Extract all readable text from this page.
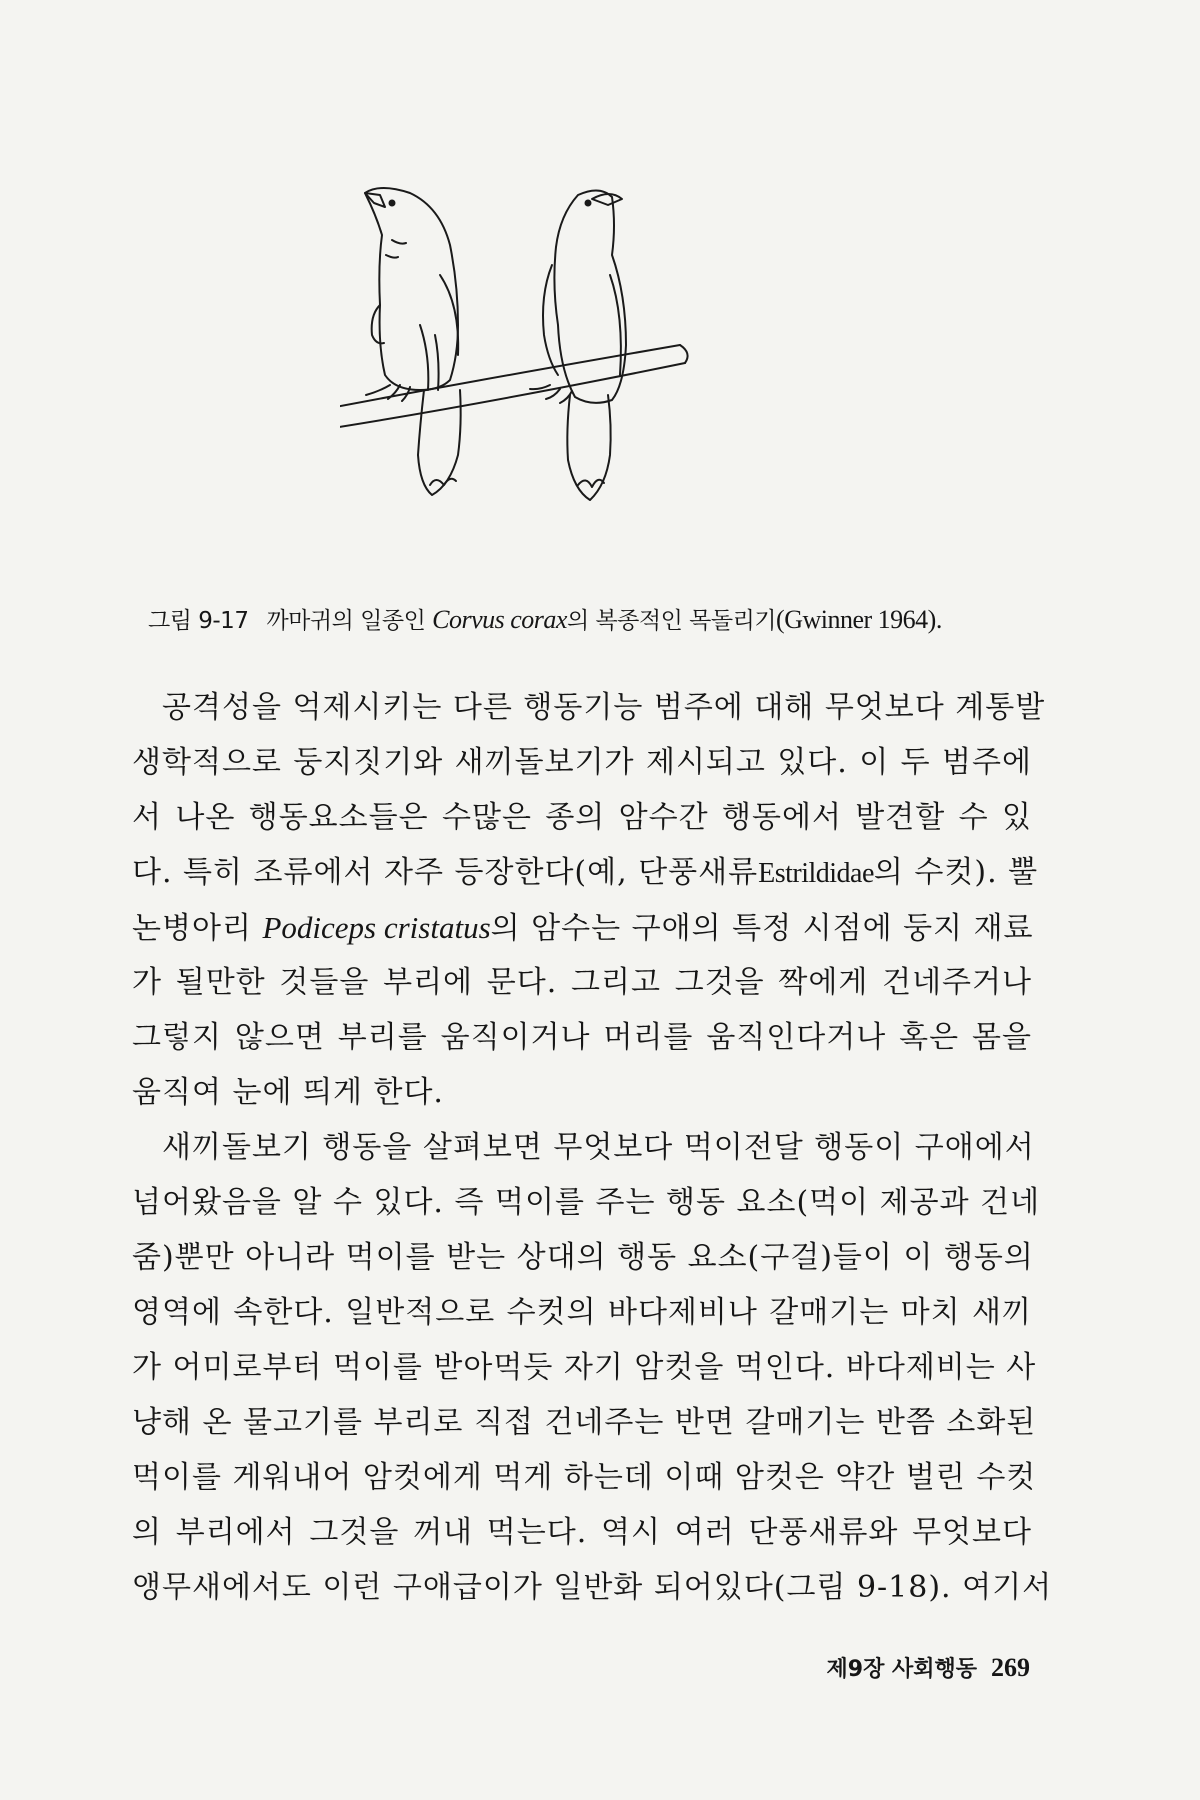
그림 9-17 까마귀의 일종인 Corvus corax의 복종적인 목돌리기(Gwinner 1964).
공격성을 억제시키는 다른 행동기능 범주에 대해 무엇보다 계통발
생학적으로 둥지짓기와 새끼돌보기가 제시되고 있다. 이 두 범주에
서 나온 행동요소들은 수많은 종의 암수간 행동에서 발견할 수 있
다. 특히 조류에서 자주 등장한다(예, 단풍새류Estrildidae의 수컷). 뿔
논병아리 Podiceps cristatus의 암수는 구애의 특정 시점에 둥지 재료
가 될만한 것들을 부리에 문다. 그리고 그것을 짝에게 건네주거나
그렇지 않으면 부리를 움직이거나 머리를 움직인다거나 혹은 몸을
움직여 눈에 띄게 한다.
새끼돌보기 행동을 살펴보면 무엇보다 먹이전달 행동이 구애에서
넘어왔음을 알 수 있다. 즉 먹이를 주는 행동 요소(먹이 제공과 건네
줌)뿐만 아니라 먹이를 받는 상대의 행동 요소(구걸)들이 이 행동의
영역에 속한다. 일반적으로 수컷의 바다제비나 갈매기는 마치 새끼
가 어미로부터 먹이를 받아먹듯 자기 암컷을 먹인다. 바다제비는 사
냥해 온 물고기를 부리로 직접 건네주는 반면 갈매기는 반쯤 소화된
먹이를 게워내어 암컷에게 먹게 하는데 이때 암컷은 약간 벌린 수컷
의 부리에서 그것을 꺼내 먹는다. 역시 여러 단풍새류와 무엇보다
앵무새에서도 이런 구애급이가 일반화 되어있다(그림 9-18). 여기서
제9장 사회행동 269
